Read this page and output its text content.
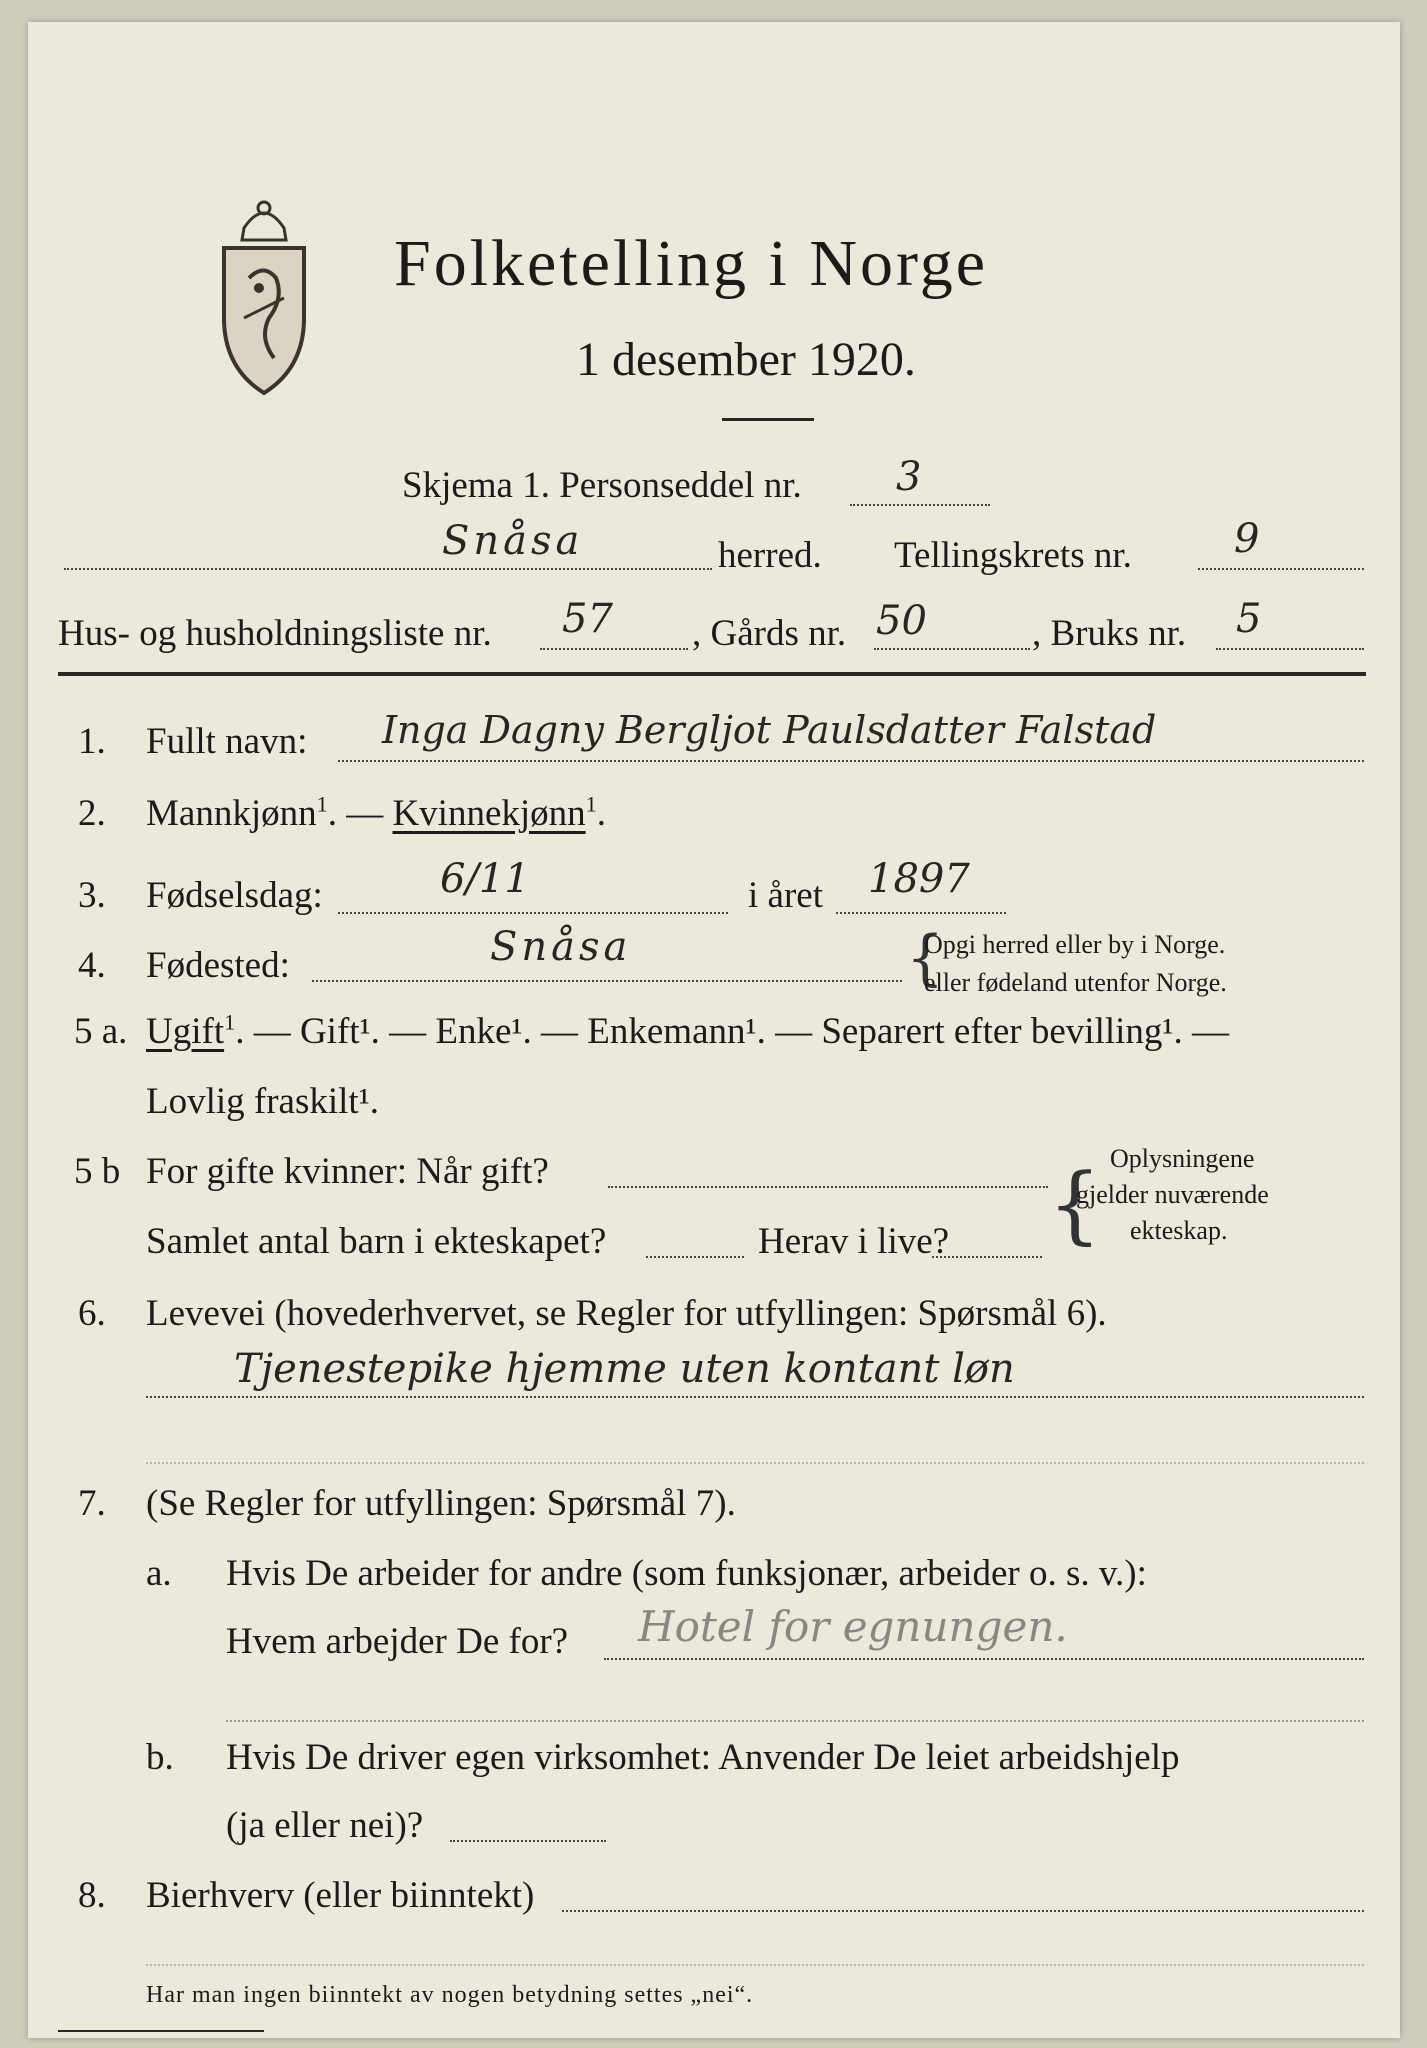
Folketelling i Norge
1 desember 1920.
Skjema 1. Personseddel nr. 3
Snåsa	herred. Tellingskrets nr.	9
Hus- og husholdningsliste nr. 57 , Gårds nr. 50	, Bruks nr. 5
1. Fullt navn: Inga Dagny Bergljot Paulsdatter Falstad
2. Mannkjønn$^1$. — Kvinnekjønn$^1$.
3. Fødselsdag:	6/11	i året 1897
4. Fødested:	Snåsa	{
Opgi herred eller by i Norge.
eller fødeland utenfor Norge.
5 a. Ugift$^1$. — Gift¹. — Enke¹. — Enkemann¹. — Separert efter bevilling¹. —
Lovlig fraskilt¹.
5 b For gifte kvinner: Når gift?
Samlet antal barn i ekteskapet?	Herav i live? { Oplysningene
gjelder nuværende
ekteskap.
6. Levevei (hovederhvervet, se Regler for utfyllingen: Spørsmål 6).
Tjenestepike hjemme uten kontant løn
7. (Se Regler for utfyllingen: Spørsmål 7).
a. Hvis De arbeider for andre (som funksjonær, arbeider o. s. v.):
Hvem arbejder De for? Hotel for egnungen.
b. Hvis De driver egen virksomhet: Anvender De leiet arbeidshjelp
(ja eller nei)?
8. Bierhverv (eller biinntekt)
Har man ingen biinntekt av nogen betydning settes „nei“.
